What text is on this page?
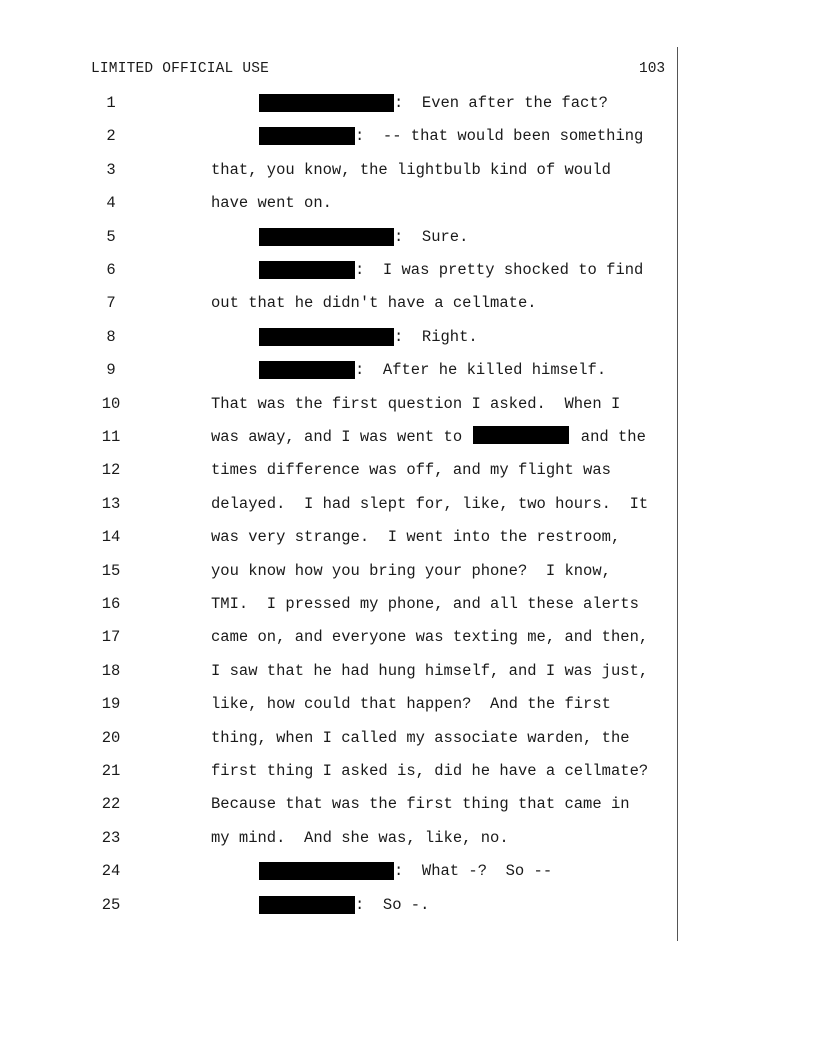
LIMITED OFFICIAL USE	103
1	:  Even after the fact?
2	:  -- that would been something
3	that, you know, the lightbulb kind of would
4	have went on.
5	:  Sure.
6	:  I was pretty shocked to find
7	out that he didn't have a cellmate.
8	:  Right.
9	:  After he killed himself.
10	That was the first question I asked.  When I
11	was away, and I was went to	and the
12	times difference was off, and my flight was
13	delayed.  I had slept for, like, two hours.  It
14	was very strange.  I went into the restroom,
15	you know how you bring your phone?  I know,
16	TMI.  I pressed my phone, and all these alerts
17	came on, and everyone was texting me, and then,
18	I saw that he had hung himself, and I was just,
19	like, how could that happen?  And the first
20	thing, when I called my associate warden, the
21	first thing I asked is, did he have a cellmate?
22	Because that was the first thing that came in
23	my mind.  And she was, like, no.
24	:  What -?  So --
25	:  So -.
